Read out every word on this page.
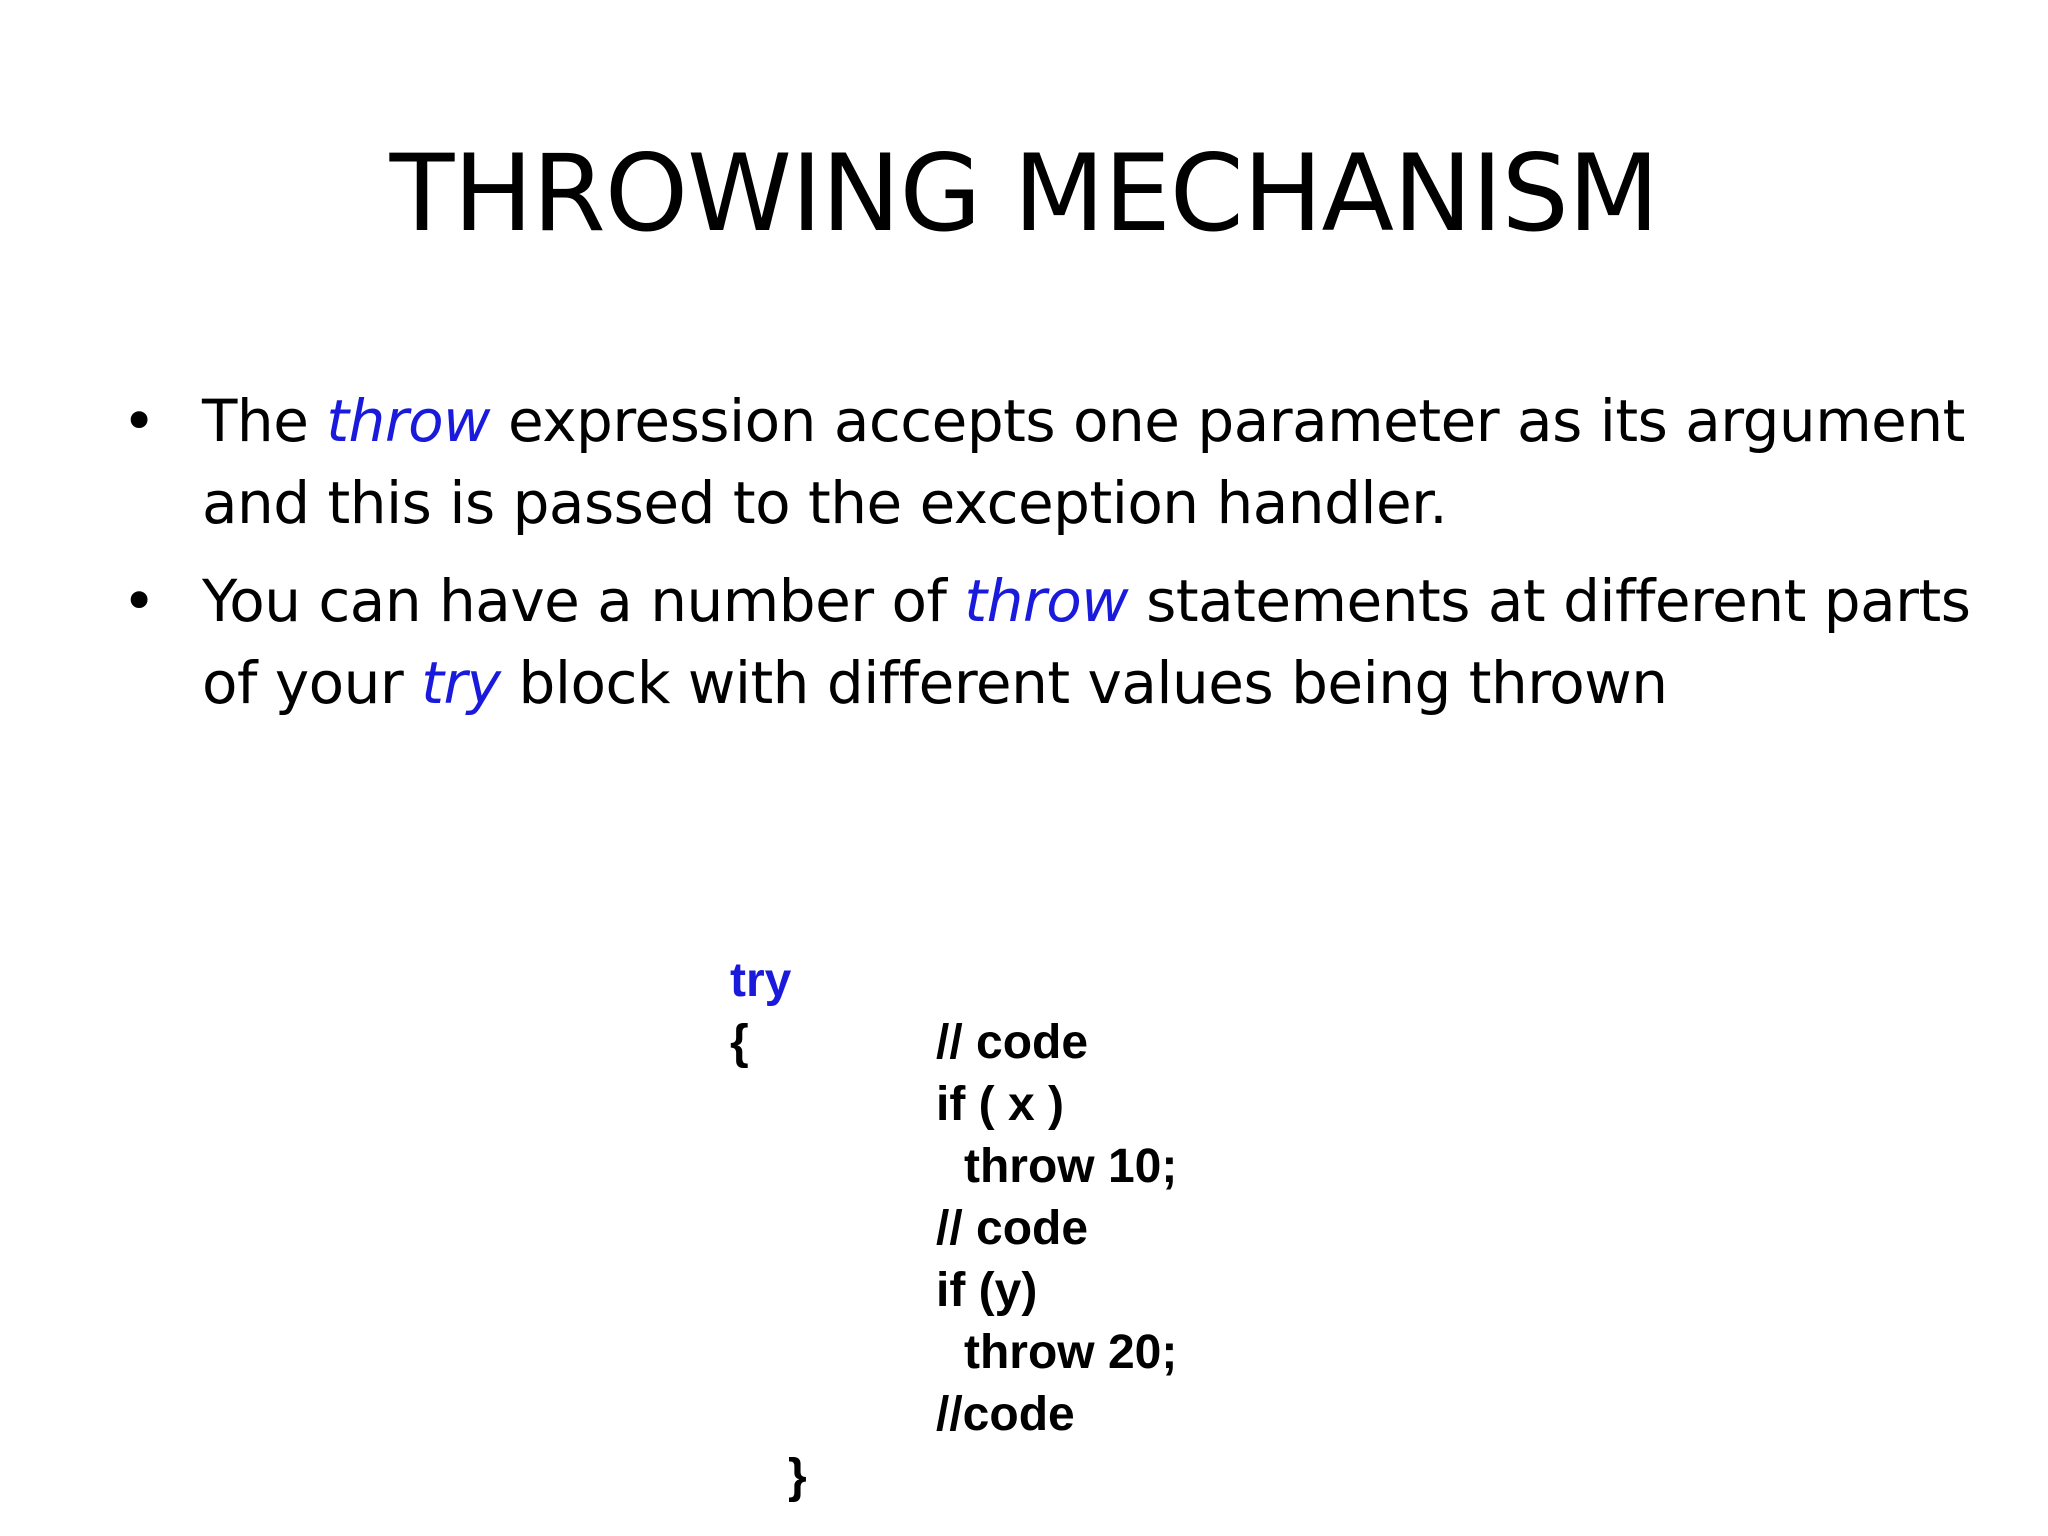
THROWING MECHANISM
• The throw expression accepts one parameter as its argument and this is passed to the exception handler.
• You can have a number of throw statements at different parts of your try block with different values being thrown
try
{	// code
if ( x )
throw 10;
// code
if (y)
throw 20;
//code
}
